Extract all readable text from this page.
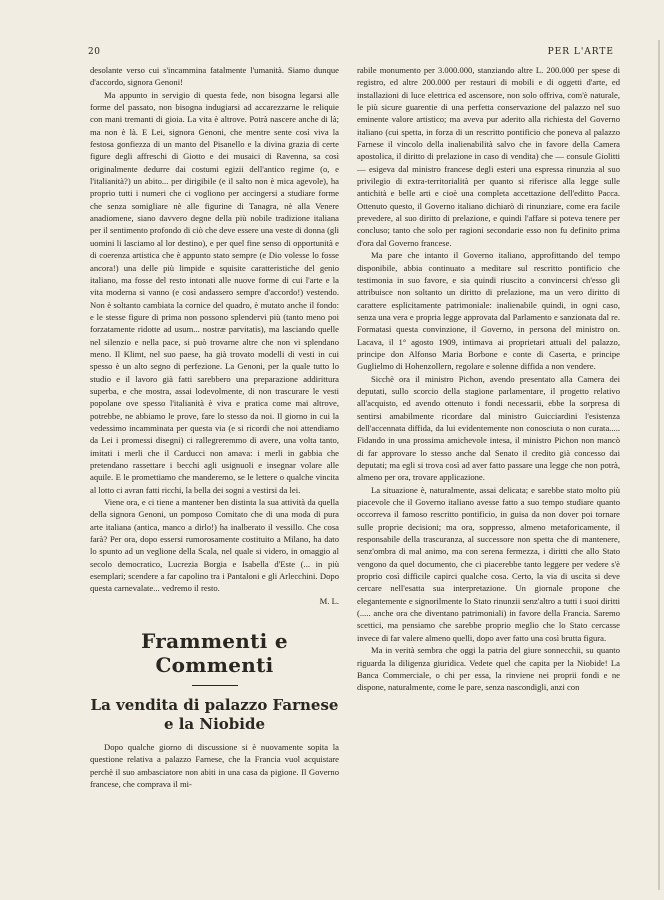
20	PER L'ARTE

desolante verso cui s'incammina fatalmente l'umanità. Siamo dunque d'accordo, signora Genoni!

Ma appunto in servigio di questa fede, non bisogna legarsi alle forme del passato, non bisogna indugiarsi ad accarezzarne le reliquie con mani tremanti di gioia. La vita è altrove. Potrà nascere anche di là; ma non è là. E Lei, signora Genoni, che mentre sente così viva la festosa gonfiezza di un manto del Pisanello e la divina grazia di certe figure degli affreschi di Giotto e dei musaici di Ravenna, sa così originalmente dedurre dai costumi egizii dell'antico regime (o, e l'italianità?) un abito... per dirigibile (e il salto non è mica agevole), ha proprio tutti i numeri che ci vogliono per accingersi a studiare forme che senza somigliare nè alle figurine di Tanagra, nè alla Venere anadiomene, siano davvero degne della più nobile tradizione italiana per il sentimento profondo di ciò che deve essere una veste di donna (gli uomini li lasciamo al lor destino), e per quel fine senso di opportunità e di coerenza artistica che è appunto stato sempre (e Dio volesse lo fosse ancora!) una delle più limpide e squisite caratteristiche del genio italiano, ma fosse del resto intonati alle nuove forme di cui l'arte e la vita moderna si vanno (e così andassero sempre d'accordo!) vestendo. Non è soltanto cambiata la cornice del quadro, è mutato anche il fondo: e le stesse figure di prima non possono splendervi più (tanto meno poi forzatamente ridotte ad usum... nostræ parvitatis), ma lasciando quelle nel silenzio e nella pace, si può trovarne altre che non vi splendano meno. Il Klimt, nel suo paese, ha già trovato modelli di vesti in cui spesso è un alto segno di perfezione. La Genoni, per la quale tutto lo studio e il lavoro già fatti sarebbero una preparazione addirittura superba, e che mostra, assai lodevolmente, di non trascurare le vesti popolane ove spesso l'italianità è viva e pratica come mai altrove, potrebbe, ne abbiamo le prove, fare lo stesso da noi. Il giorno in cui la vedessimo incamminata per questa via (e si ricordi che noi attendiamo da Lei i promessi disegni) ci rallegreremmo di avere, una volta tanto, imitati i merli che il Carducci non amava: i merli in gabbia che pretendano rassettare i becchi agli usignuoli e insegnar volare alle aquile. E le promettiamo che manderemo, se le lettere o qualche vincita al lotto ci avran fatti ricchi, la bella dei sogni a vestirsi da lei.

Viene ora, e ci tiene a mantener ben distinta la sua attività da quella della signora Genoni, un pomposo Comitato che di una moda di pura arte italiana (antica, manco a dirlo!) ha inalberato il vessillo. Che cosa farà? Per ora, dopo essersi rumorosamente costituito a Milano, ha dato lo spunto ad un veglione della Scala, nel quale si videro, in omaggio al secolo democratico, Lucrezia Borgia e Isabella d'Este (... in più esemplari; scendere a far capolino tra i Pantaloni e gli Arlecchini. Dopo questa carnevalate... vedremo il resto.

M. L.

Frammenti e Commenti
La vendita di palazzo Farnese
e la Niobide

Dopo qualche giorno di discussione si è nuovamente sopita la questione relativa a palazzo Farnese, che la Francia vuol acquistare perchè il suo ambasciatore non abiti in una casa da pigione. Il Governo francese, che comprava il mi-

rabile monumento per 3.000.000, stanziando altre L. 200.000 per spese di registro, ed altre 200.000 per restauri di mobili e di oggetti d'arte, ed installazioni di luce elettrica ed ascensore, non solo offriva, com'è naturale, le più sicure guarentie di una perfetta conservazione del palazzo nel suo eminente valore artistico; ma aveva pur aderito alla richiesta del Governo italiano (cui spetta, in forza di un rescritto pontificio che poneva al palazzo Farnese il vincolo della inalienabilità salvo che in favore della Camera apostolica, il diritto di prelazione in caso di vendita) che — consule Giolitti — esigeva dal ministro francese degli esteri una espressa rinunzia al suo privilegio di extra-territorialità per quanto si riferisce alla legge sulle antichità e belle arti e cioè una completa accettazione dell'editto Pacca. Ottenuto questo, il Governo italiano dichiarò di rinunziare, come era facile prevedere, al suo diritto di prelazione, e quindi l'affare si poteva tenere per concluso; tanto che solo per ragioni secondarie esso non fu definito prima d'ora dal Governo francese.

Ma pare che intanto il Governo italiano, approfittando del tempo disponibile, abbia continuato a meditare sul rescritto pontificio che testimonia in suo favore, e sia quindi riuscito a convincersi ch'esso gli attribuisce non soltanto un diritto di prelazione, ma un vero diritto di carattere esplicitamente patrimoniale: inalienabile quindi, in ogni caso, senza una vera e propria legge approvata dal Parlamento e sanzionata dal re. Formatasi questa convinzione, il Governo, in persona del ministro on. Lacava, il 1° agosto 1909, intimava ai proprietari attuali del palazzo, principe don Alfonso Maria Borbone e conte di Caserta, e principe Guglielmo di Hohenzollern, regolare e solenne diffida a non vendere.

Sicchè ora il ministro Pichon, avendo presentato alla Camera dei deputati, sullo scorcio della stagione parlamentare, il progetto relativo all'acquisto, ed avendo ottenuto i fondi necessarii, ebbe la sorpresa di sentirsi amabilmente ricordare dal ministro Guicciardini l'esistenza dell'accennata diffida, da lui evidentemente non conosciuta o non curata..... Fidando in una prossima amichevole intesa, il ministro Pichon non mancò di far approvare lo stesso anche dal Senato il credito già concesso dai deputati; ma egli si trova così ad aver fatto passare una legge che non potrà, almeno per ora, trovare applicazione.

La situazione è, naturalmente, assai delicata; e sarebbe stato molto più piacevole che il Governo italiano avesse fatto a suo tempo studiare quanto occorreva il famoso rescritto pontificio, in guisa da non dover poi tornare sulle proprie decisioni; ma ora, soppresso, almeno metaforicamente, il responsabile della trascuranza, al successore non spetta che di mantenere, senz'ombra di mal animo, ma con serena fermezza, i diritti che allo Stato vengono da quel documento, che ci piacerebbe tanto leggere per vedere s'è proprio così difficile capirci qualche cosa. Certo, la via di uscita si deve cercare nell'esatta sua interpretazione. Un giornale propone che elegantemente e signorilmente lo Stato rinunzii senz'altro a tutti i suoi diritti (..... anche ora che diventano patrimoniali) in favore della Francia. Saremo scettici, ma pensiamo che sarebbe proprio meglio che lo Stato cercasse invece di far valere almeno quelli, dopo aver fatto una così brutta figura.

Ma in verità sembra che oggi la patria del giure sonnecchii, su quanto riguarda la diligenza giuridica. Vedete quel che capita per la Niobide! La Banca Commerciale, o chi per essa, la rinviene nei proprii fondi e ne dispone, naturalmente, come le pare, senza nascondigli, anzi con
